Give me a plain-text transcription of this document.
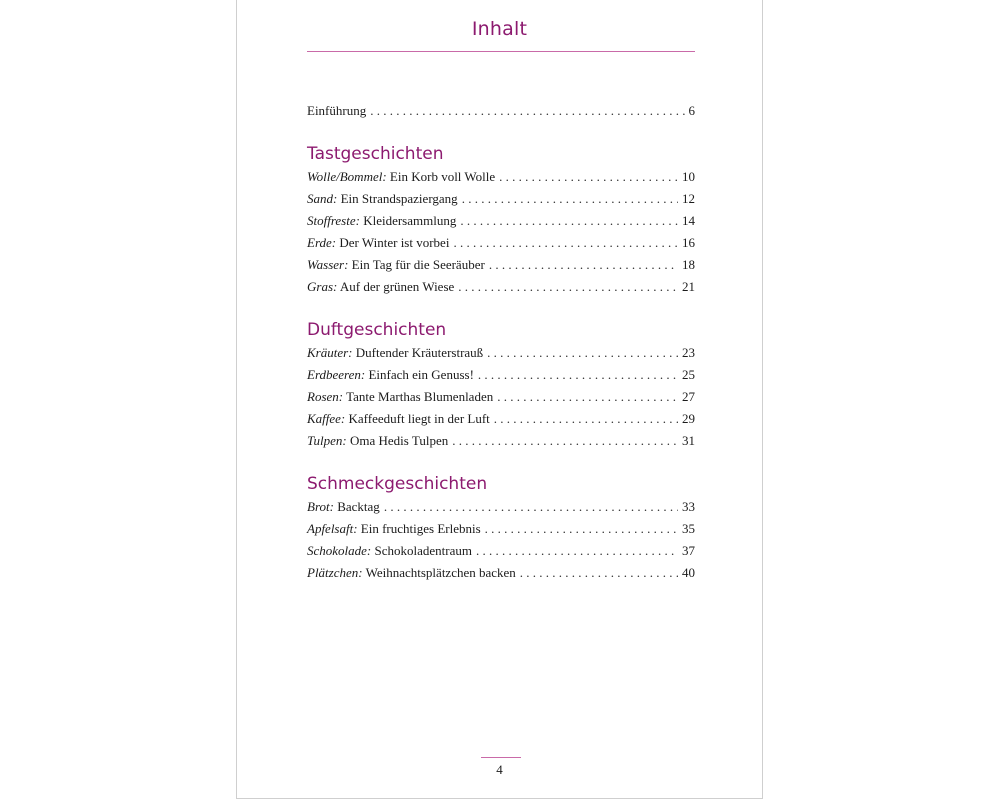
Inhalt
Einführung . . .	6
Tastgeschichten
Wolle/Bommel: Ein Korb voll Wolle . . .	10
Sand: Ein Strandspaziergang . . .	12
Stoffreste: Kleidersammlung . . .	14
Erde: Der Winter ist vorbei . . .	16
Wasser: Ein Tag für die Seeräuber . . .	18
Gras: Auf der grünen Wiese . . .	21
Duftgeschichten
Kräuter: Duftender Kräuterstrauß . . .	23
Erdbeeren: Einfach ein Genuss! . . .	25
Rosen: Tante Marthas Blumenladen . . .	27
Kaffee: Kaffeeduft liegt in der Luft . . .	29
Tulpen: Oma Hedis Tulpen . . .	31
Schmeckgeschichten
Brot: Backtag . . .	33
Apfelsaft: Ein fruchtiges Erlebnis . . .	35
Schokolade: Schokoladentraum . . .	37
Plätzchen: Weihnachtsplätzchen backen . . .	40
4
